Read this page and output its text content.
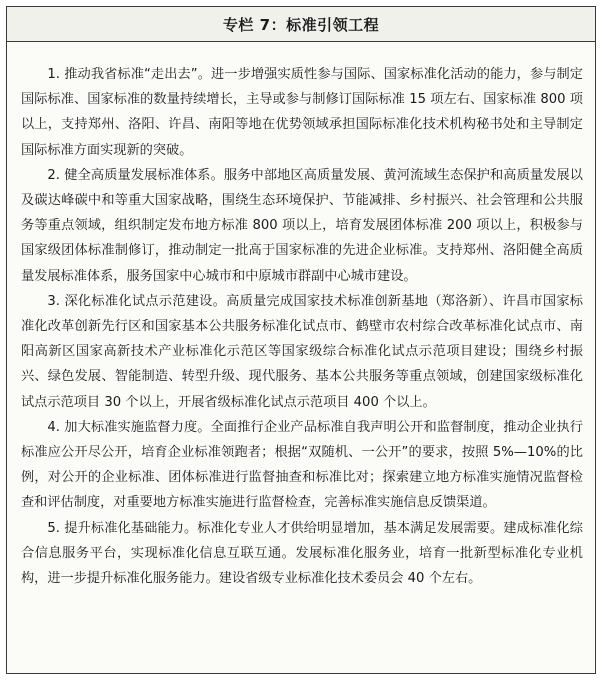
专栏 7：标准引领工程

1. 推动我省标准“走出去”。进一步增强实质性参与国际、国家标准化活动的能力，参与制定国际标准、国家标准的数量持续增长，主导或参与制修订国际标准 15 项左右、国家标准 800 项以上，支持郑州、洛阳、许昌、南阳等地在优势领域承担国际标准化技术机构秘书处和主导制定国际标准方面实现新的突破。

2. 健全高质量发展标准体系。服务中部地区高质量发展、黄河流域生态保护和高质量发展以及碳达峰碳中和等重大国家战略，围绕生态环境保护、节能减排、乡村振兴、社会管理和公共服务等重点领域，组织制定发布地方标准 800 项以上，培育发展团体标准 200 项以上，积极参与国家级团体标准制修订，推动制定一批高于国家标准的先进企业标准。支持郑州、洛阳健全高质量发展标准体系，服务国家中心城市和中原城市群副中心城市建设。

3. 深化标准化试点示范建设。高质量完成国家技术标准创新基地（郑洛新）、许昌市国家标准化改革创新先行区和国家基本公共服务标准化试点市、鹤壁市农村综合改革标准化试点市、南阳高新区国家高新技术产业标准化示范区等国家级综合标准化试点示范项目建设；围绕乡村振兴、绿色发展、智能制造、转型升级、现代服务、基本公共服务等重点领域，创建国家级标准化试点示范项目 30 个以上，开展省级标准化试点示范项目 400 个以上。

4. 加大标准实施监督力度。全面推行企业产品标准自我声明公开和监督制度，推动企业执行标准应公开尽公开，培育企业标准领跑者；根据“双随机、一公开”的要求，按照 5%—10%的比例，对公开的企业标准、团体标准进行监督抽查和标准比对；探索建立地方标准实施情况监督检查和评估制度，对重要地方标准实施进行监督检查，完善标准实施信息反馈渠道。

5. 提升标准化基础能力。标准化专业人才供给明显增加，基本满足发展需要。建成标准化综合信息服务平台，实现标准化信息互联互通。发展标准化服务业，培育一批新型标准化专业机构，进一步提升标准化服务能力。建设省级专业标准化技术委员会 40 个左右。
